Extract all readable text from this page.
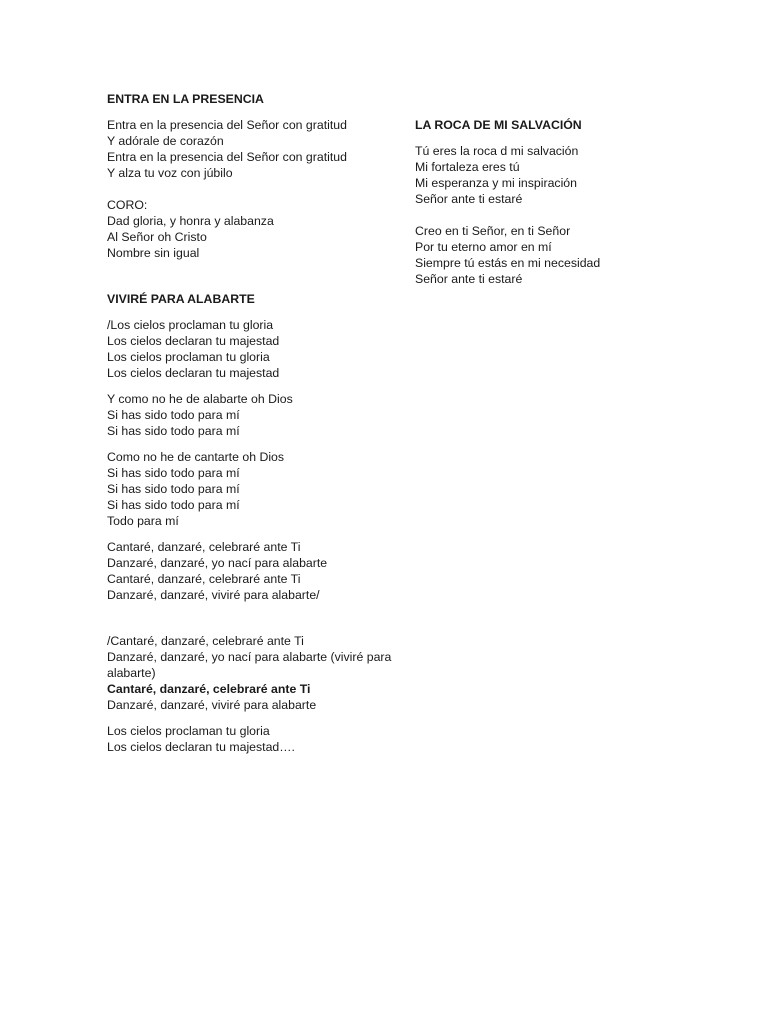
ENTRA EN LA PRESENCIA
Entra en la presencia del Señor con gratitud
Y adórale de corazón
Entra en la presencia del Señor con gratitud
Y alza tu voz con júbilo
CORO:
Dad gloria, y honra y alabanza
Al Señor oh Cristo
Nombre sin igual
VIVIRÉ PARA ALABARTE
/Los cielos proclaman tu gloria
Los cielos declaran tu majestad
Los cielos proclaman tu gloria
Los cielos declaran tu majestad
Y como no he de alabarte oh Dios
Si has sido todo para mí
Si has sido todo para mí
Como no he de cantarte oh Dios
Si has sido todo para mí
Si has sido todo para mí
Si has sido todo para mí
Todo para mí
Cantaré, danzaré, celebraré ante Ti
Danzaré, danzaré, yo nací para alabarte
Cantaré, danzaré, celebraré ante Ti
Danzaré, danzaré, viviré para alabarte/
/Cantaré, danzaré, celebraré ante Ti
Danzaré, danzaré, yo nací para alabarte (viviré para alabarte)
Cantaré, danzaré, celebraré ante Ti
Danzaré, danzaré, viviré para alabarte
Los cielos proclaman tu gloria
Los cielos declaran tu majestad….
LA ROCA DE MI SALVACIÓN
Tú eres la roca d mi salvación
Mi fortaleza eres tú
Mi esperanza y mi inspiración
Señor ante ti estaré
Creo en ti Señor, en ti Señor
Por tu eterno amor en mí
Siempre tú estás en mi necesidad
Señor ante ti estaré
